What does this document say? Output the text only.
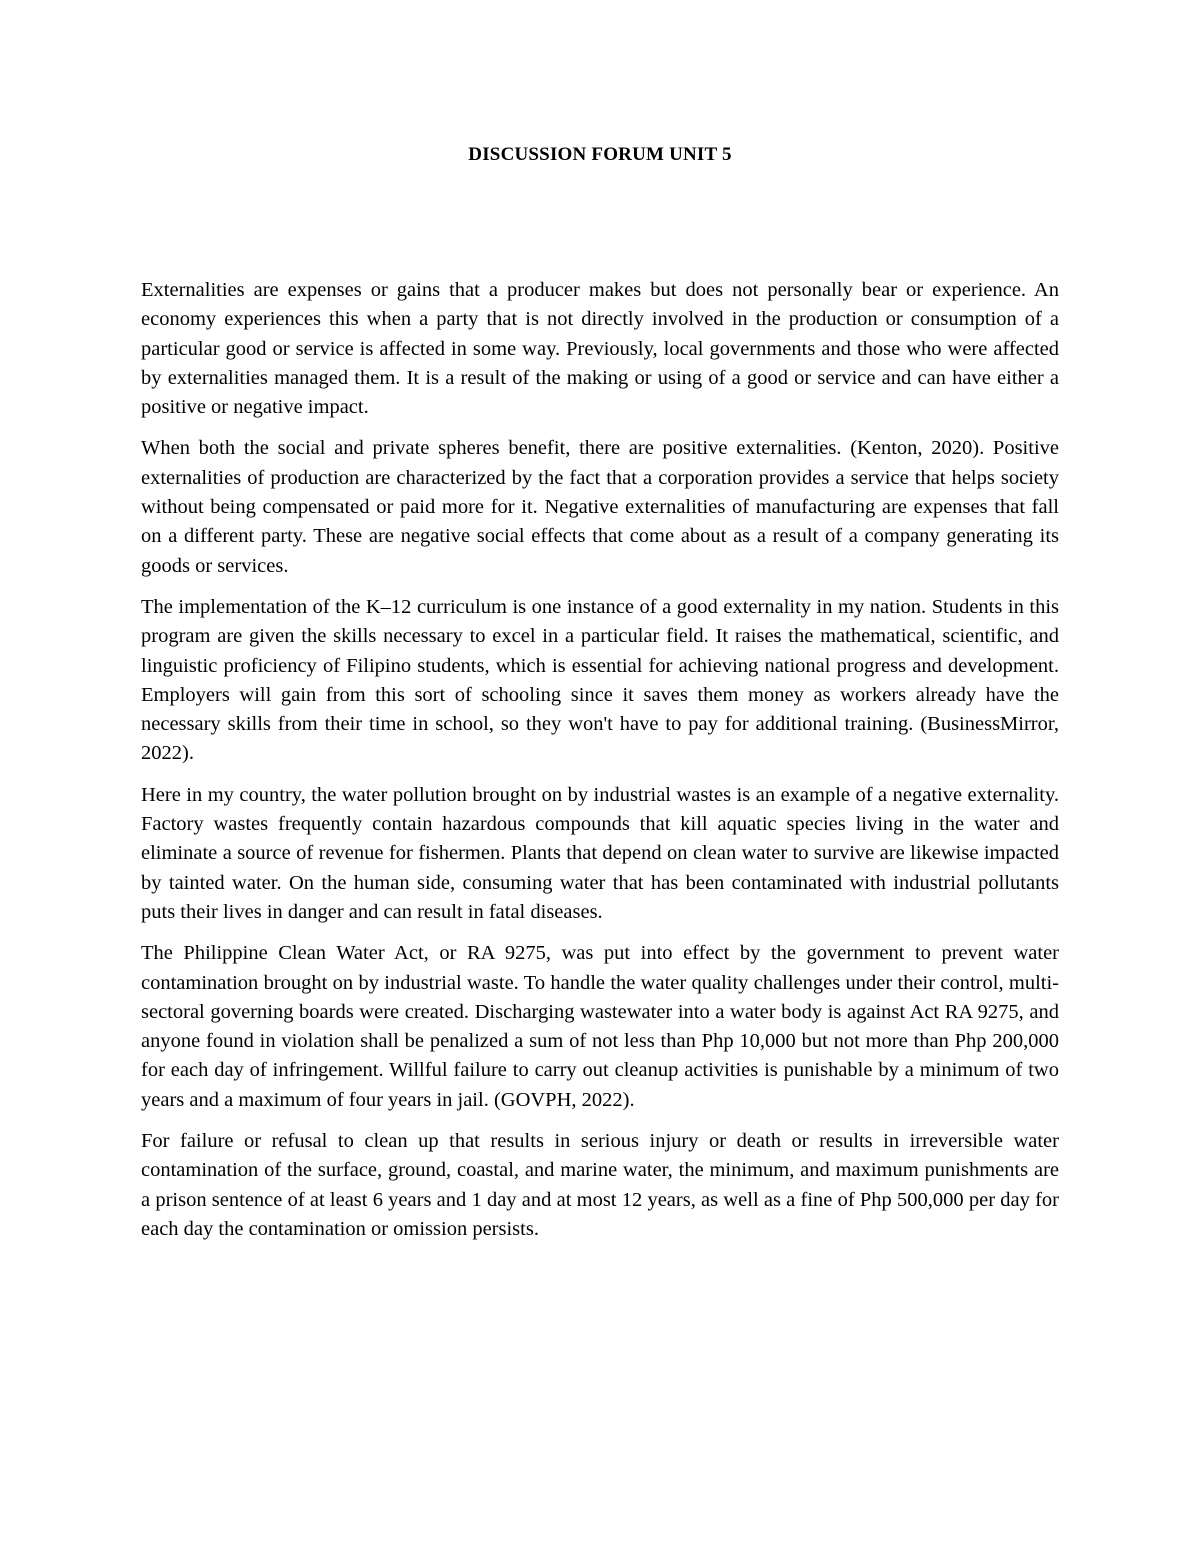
DISCUSSION FORUM UNIT 5

Externalities are expenses or gains that a producer makes but does not personally bear or experience. An economy experiences this when a party that is not directly involved in the production or consumption of a particular good or service is affected in some way. Previously, local governments and those who were affected by externalities managed them. It is a result of the making or using of a good or service and can have either a positive or negative impact.

When both the social and private spheres benefit, there are positive externalities. (Kenton, 2020). Positive externalities of production are characterized by the fact that a corporation provides a service that helps society without being compensated or paid more for it. Negative externalities of manufacturing are expenses that fall on a different party. These are negative social effects that come about as a result of a company generating its goods or services.

The implementation of the K–12 curriculum is one instance of a good externality in my nation. Students in this program are given the skills necessary to excel in a particular field. It raises the mathematical, scientific, and linguistic proficiency of Filipino students, which is essential for achieving national progress and development. Employers will gain from this sort of schooling since it saves them money as workers already have the necessary skills from their time in school, so they won't have to pay for additional training. (BusinessMirror, 2022).

Here in my country, the water pollution brought on by industrial wastes is an example of a negative externality. Factory wastes frequently contain hazardous compounds that kill aquatic species living in the water and eliminate a source of revenue for fishermen. Plants that depend on clean water to survive are likewise impacted by tainted water. On the human side, consuming water that has been contaminated with industrial pollutants puts their lives in danger and can result in fatal diseases.

The Philippine Clean Water Act, or RA 9275, was put into effect by the government to prevent water contamination brought on by industrial waste. To handle the water quality challenges under their control, multi-sectoral governing boards were created. Discharging wastewater into a water body is against Act RA 9275, and anyone found in violation shall be penalized a sum of not less than Php 10,000 but not more than Php 200,000 for each day of infringement. Willful failure to carry out cleanup activities is punishable by a minimum of two years and a maximum of four years in jail. (GOVPH, 2022).

For failure or refusal to clean up that results in serious injury or death or results in irreversible water contamination of the surface, ground, coastal, and marine water, the minimum, and maximum punishments are a prison sentence of at least 6 years and 1 day and at most 12 years, as well as a fine of Php 500,000 per day for each day the contamination or omission persists.
